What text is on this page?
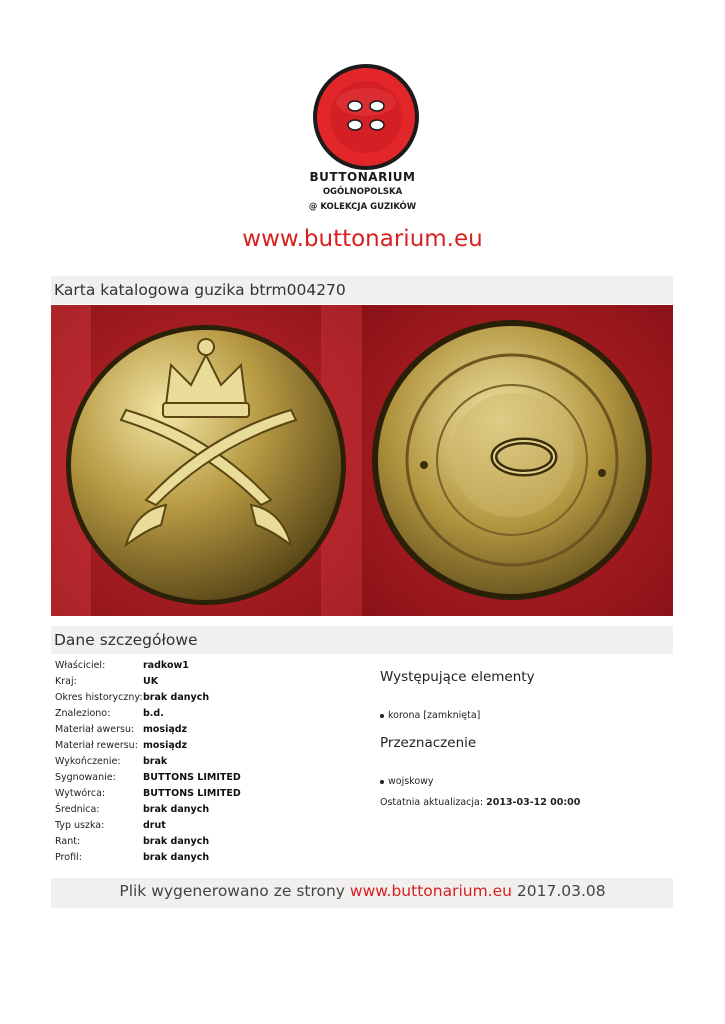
BUTTONARIUM
OGÓLNOPOLSKA
@ KOLEKCJA GUZIKÓW
www.buttonarium.eu
Karta katalogowa guzika btrm004270
Dane szczegółowe
Właściciel:	radkow1
Kraj:	UK
Okres historyczny: brak danych
Znaleziono:	b.d.
Materiał awersu: mosiądz
Materiał rewersu: mosiądz
Wykończenie:	brak
Sygnowanie:	BUTTONS LIMITED
Wytwórca:	BUTTONS LIMITED
Średnica:	brak danych
Typ uszka:	drut
Rant:	brak danych
Profil:	brak danych
Występujące elementy
korona [zamknięta]
Przeznaczenie
wojskowy
Ostatnia aktualizacja: 2013-03-12 00:00
Plik wygenerowano ze strony www.buttonarium.eu 2017.03.08
